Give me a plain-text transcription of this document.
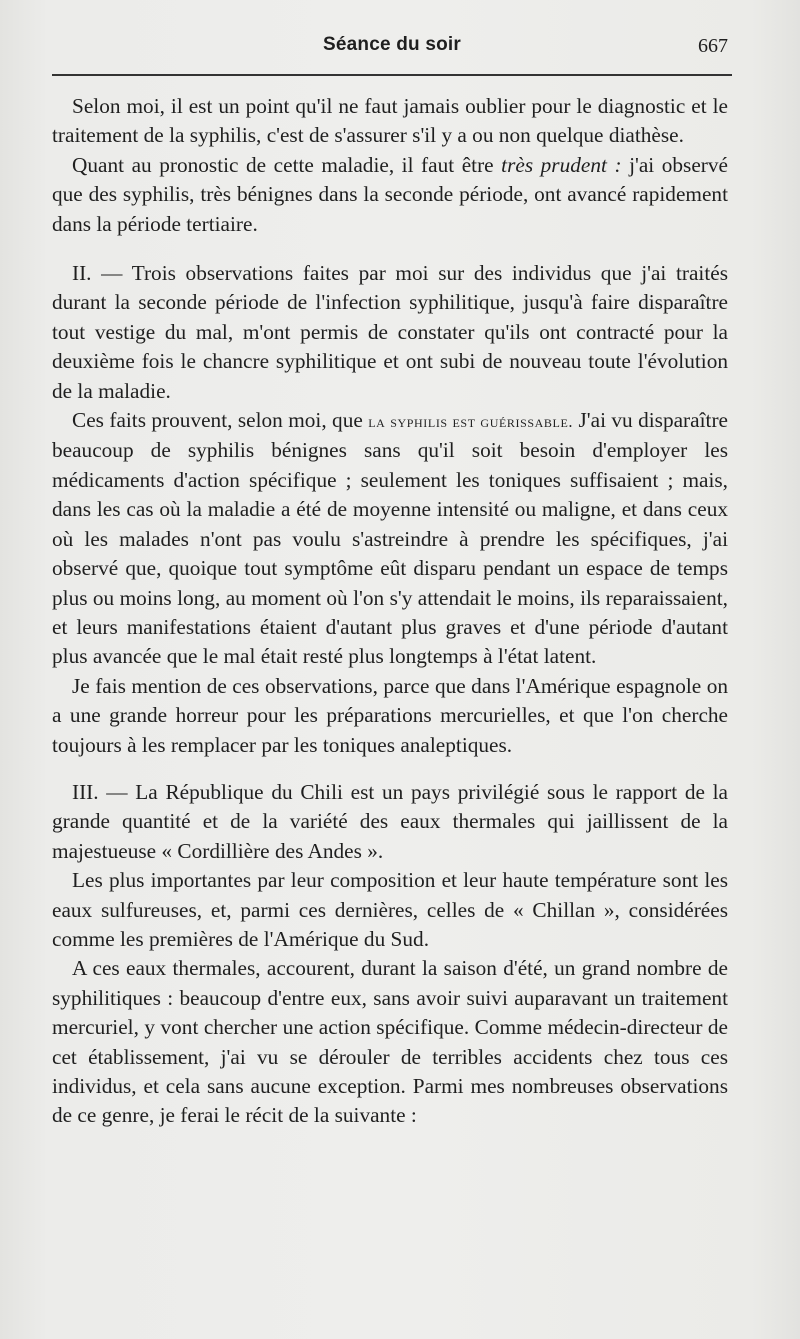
Séance du soir	667

Selon moi, il est un point qu'il ne faut jamais oublier pour le diagnostic et le traitement de la syphilis, c'est de s'assurer s'il y a ou non quelque diathèse.

Quant au pronostic de cette maladie, il faut être très prudent : j'ai observé que des syphilis, très bénignes dans la seconde période, ont avancé rapidement dans la période tertiaire.

II. — Trois observations faites par moi sur des individus que j'ai traités durant la seconde période de l'infection syphilitique, jusqu'à faire disparaître tout vestige du mal, m'ont permis de constater qu'ils ont contracté pour la deuxième fois le chancre syphilitique et ont subi de nouveau toute l'évolution de la maladie.

Ces faits prouvent, selon moi, que la syphilis est guérissable. J'ai vu disparaître beaucoup de syphilis bénignes sans qu'il soit besoin d'employer les médicaments d'action spécifique ; seulement les toniques suffisaient ; mais, dans les cas où la maladie a été de moyenne intensité ou maligne, et dans ceux où les malades n'ont pas voulu s'astreindre à prendre les spécifiques, j'ai observé que, quoique tout symptôme eût disparu pendant un espace de temps plus ou moins long, au moment où l'on s'y attendait le moins, ils reparaissaient, et leurs manifestations étaient d'autant plus graves et d'une période d'autant plus avancée que le mal était resté plus longtemps à l'état latent.

Je fais mention de ces observations, parce que dans l'Amérique espagnole on a une grande horreur pour les préparations mercurielles, et que l'on cherche toujours à les remplacer par les toniques analeptiques.

III. — La République du Chili est un pays privilégié sous le rapport de la grande quantité et de la variété des eaux thermales qui jaillissent de la majestueuse « Cordillière des Andes ».

Les plus importantes par leur composition et leur haute température sont les eaux sulfureuses, et, parmi ces dernières, celles de « Chillan », considérées comme les premières de l'Amérique du Sud.

A ces eaux thermales, accourent, durant la saison d'été, un grand nombre de syphilitiques : beaucoup d'entre eux, sans avoir suivi auparavant un traitement mercuriel, y vont chercher une action spécifique. Comme médecin-directeur de cet établissement, j'ai vu se dérouler de terribles accidents chez tous ces individus, et cela sans aucune exception. Parmi mes nombreuses observations de ce genre, je ferai le récit de la suivante :
